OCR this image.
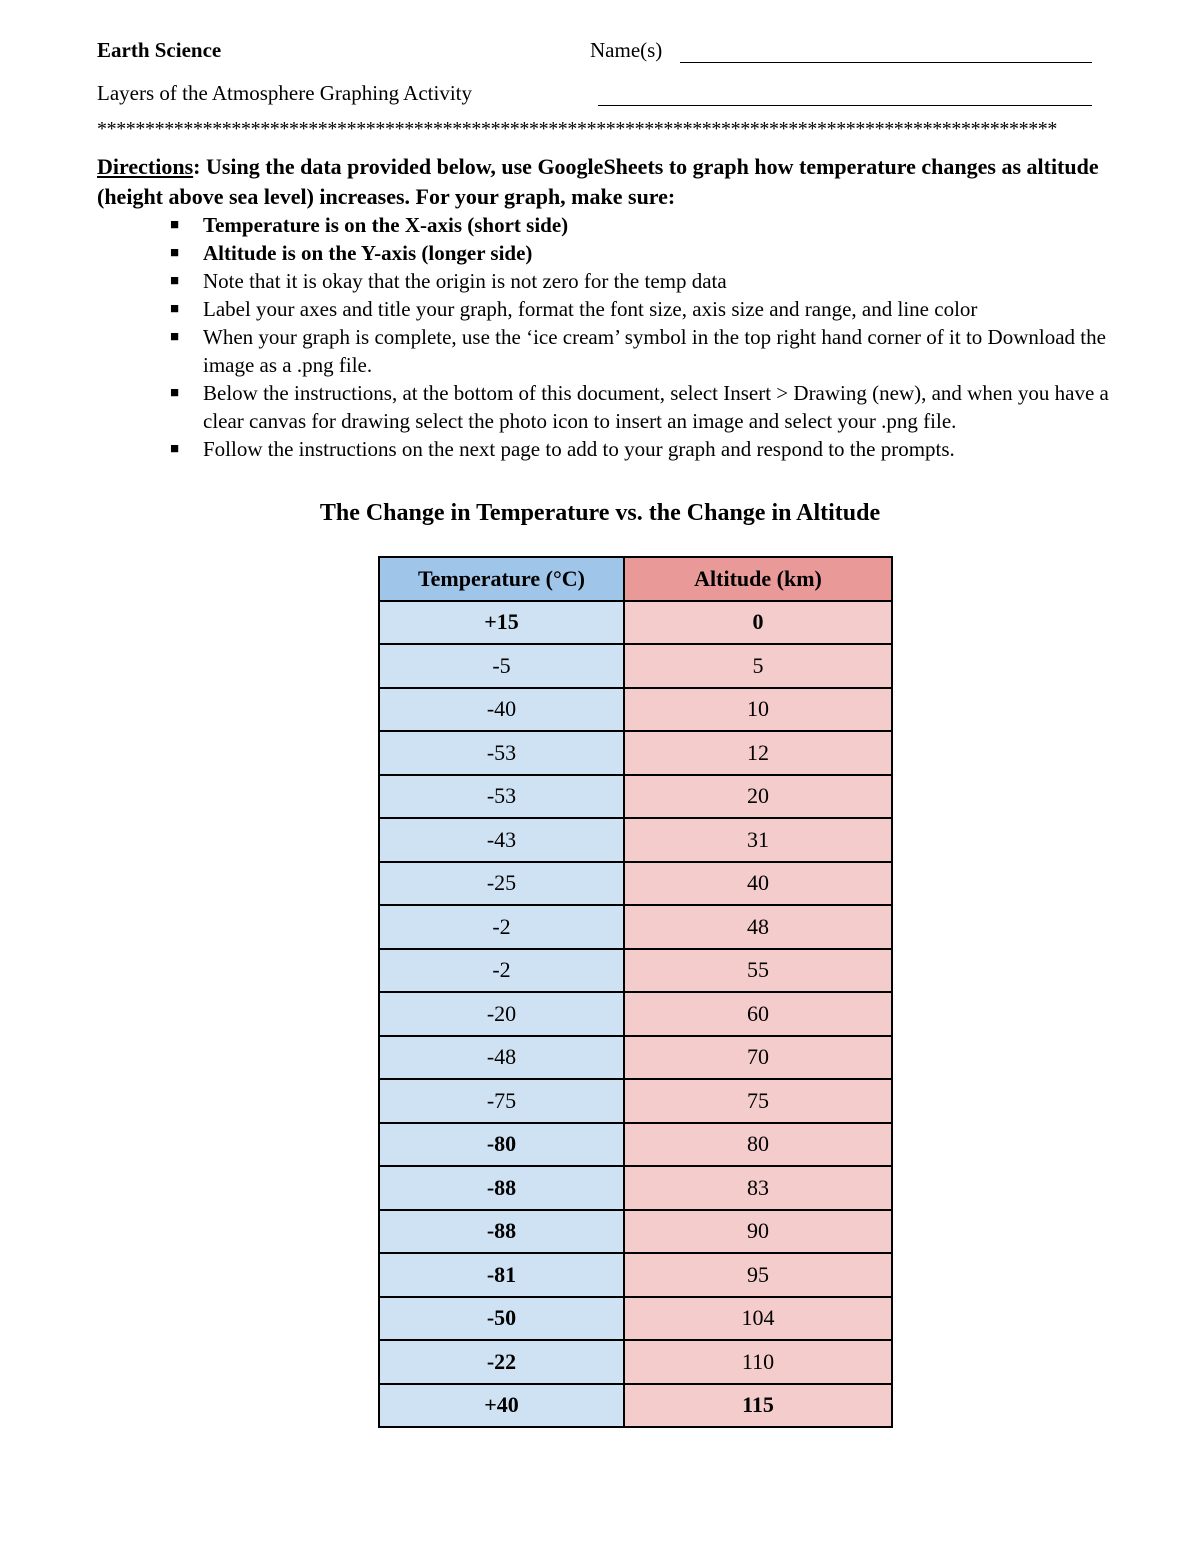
Earth Science	Name(s)
Layers of the Atmosphere Graphing Activity
****************************************************************************************************
Directions: Using the data provided below, use GoogleSheets to graph how temperature changes as altitude (height above sea level) increases. For your graph, make sure:
■ Temperature is on the X-axis (short side)
■ Altitude is on the Y-axis (longer side)
■ Note that it is okay that the origin is not zero for the temp data
■ Label your axes and title your graph, format the font size, axis size and range, and line color
■ When your graph is complete, use the ‘ice cream’ symbol in the top right hand corner of it to Download the image as a .png file.
■ Below the instructions, at the bottom of this document, select Insert > Drawing (new), and when you have a clear canvas for drawing select the photo icon to insert an image and select your .png file.
■ Follow the instructions on the next page to add to your graph and respond to the prompts.
The Change in Temperature vs. the Change in Altitude
Temperature (°C)	Altitude (km)
+15	0
-5	5
-40	10
-53	12
-53	20
-43	31
-25	40
-2	48
-2	55
-20	60
-48	70
-75	75
-80	80
-88	83
-88	90
-81	95
-50	104
-22	110
+40	115
